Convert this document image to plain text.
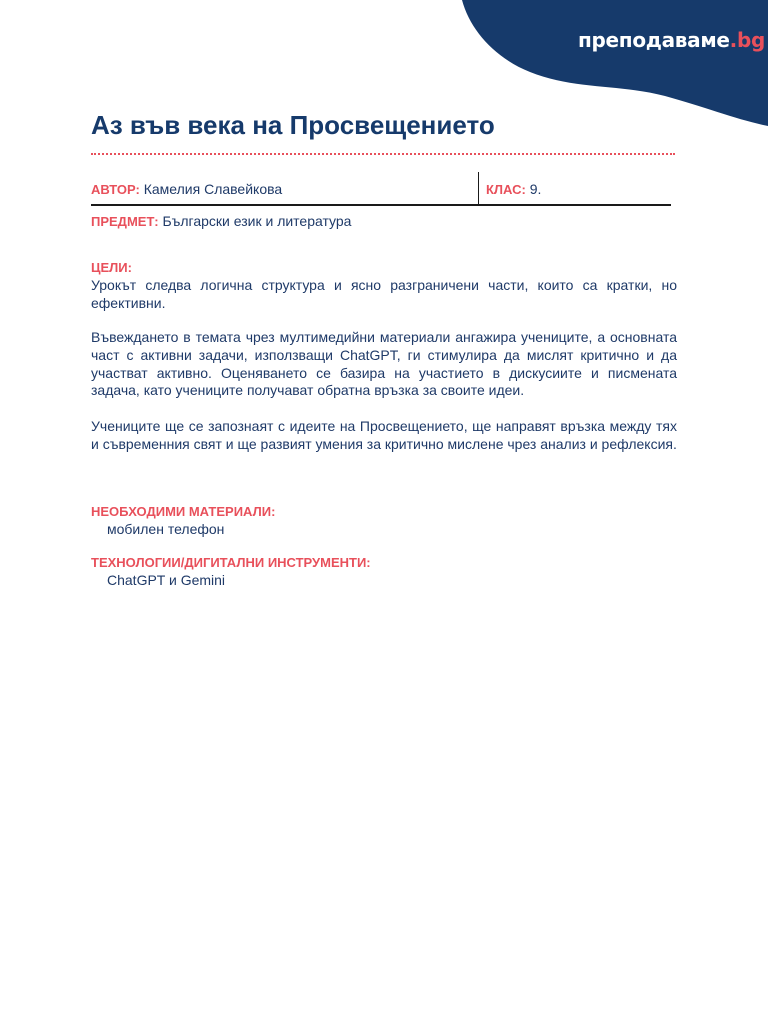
преподаваме.bg
Аз във века на Просвещението
АВТОР: Камелия Славейкова	КЛАС: 9.
ПРЕДМЕТ: Български език и литература
ЦЕЛИ:

Урокът следва логична структура и ясно разграничени части, които са кратки, но ефективни.

Въвеждането в темата чрез мултимедийни материали ангажира учениците, а основната част с активни задачи, използващи ChatGPT, ги стимулира да мислят критично и да участват активно. Оценяването се базира на участието в дискусиите и писмената задача, като учениците получават обратна връзка за своите идеи.

Учениците ще се запознаят с идеите на Просвещението, ще направят връзка между тях и съвременния свят и ще развият умения за критично мислене чрез анализ и рефлексия.

НЕОБХОДИМИ МАТЕРИАЛИ:
мобилен телефон
ТЕХНОЛОГИИ/ДИГИТАЛНИ ИНСТРУМЕНТИ:
ChatGPT и Gemini
